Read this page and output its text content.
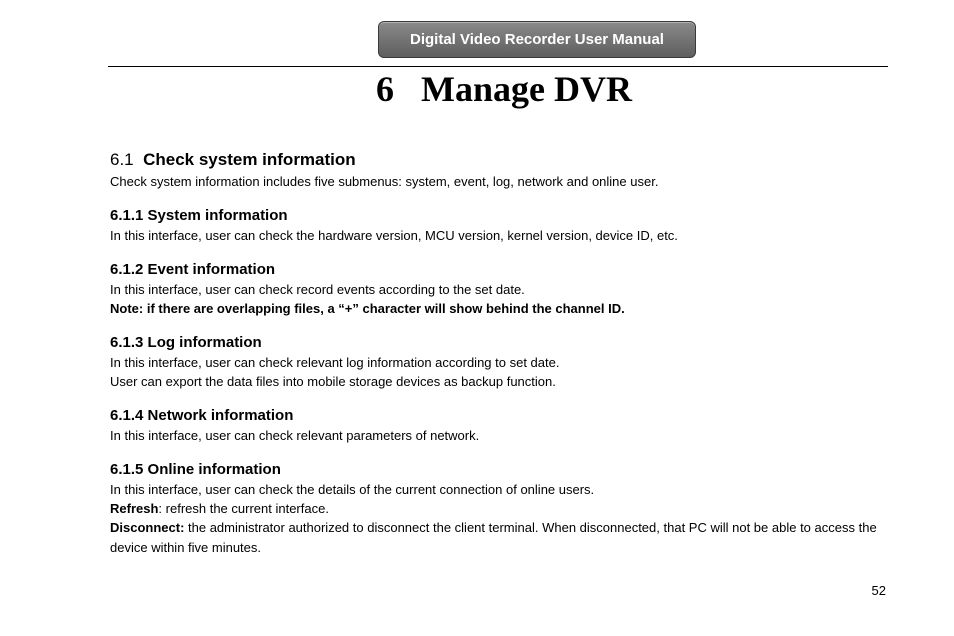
Digital Video Recorder User Manual
6 Manage DVR
6.1 Check system information

Check system information includes five submenus: system, event, log, network and online user.

6.1.1 System information

In this interface, user can check the hardware version, MCU version, kernel version, device ID, etc.

6.1.2 Event information

In this interface, user can check record events according to the set date.

Note: if there are overlapping files, a “+” character will show behind the channel ID.

6.1.3 Log information

In this interface, user can check relevant log information according to set date.

User can export the data files into mobile storage devices as backup function.

6.1.4 Network information

In this interface, user can check relevant parameters of network.

6.1.5 Online information

In this interface, user can check the details of the current connection of online users.

Refresh: refresh the current interface.

Disconnect: the administrator authorized to disconnect the client terminal. When disconnected, that PC will not be able to access the device within five minutes.

52
